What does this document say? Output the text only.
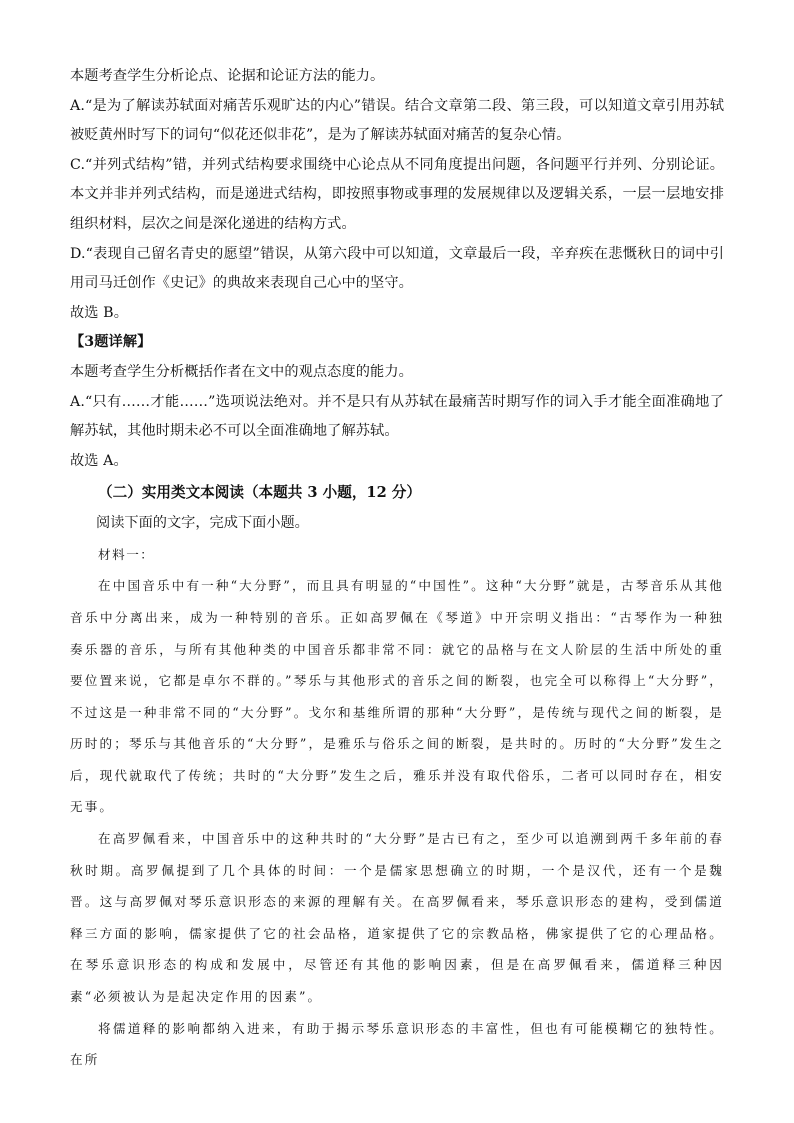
本题考查学生分析论点、论据和论证方法的能力。

A.“是为了解读苏轼面对痛苦乐观旷达的内心”错误。结合文章第二段、第三段，可以知道文章引用苏轼被贬黄州时写下的词句“似花还似非花”，是为了解读苏轼面对痛苦的复杂心情。

C.“并列式结构”错，并列式结构要求围绕中心论点从不同角度提出问题，各问题平行并列、分别论证。本文并非并列式结构，而是递进式结构，即按照事物或事理的发展规律以及逻辑关系，一层一层地安排组织材料，层次之间是深化递进的结构方式。

D.“表现自己留名青史的愿望”错误，从第六段中可以知道，文章最后一段，辛弃疾在悲慨秋日的词中引用司马迁创作《史记》的典故来表现自己心中的坚守。

故选 B。

【3题详解】

本题考查学生分析概括作者在文中的观点态度的能力。

A.“只有……才能……”选项说法绝对。并不是只有从苏轼在最痛苦时期写作的词入手才能全面准确地了解苏轼，其他时期未必不可以全面准确地了解苏轼。

故选 A。

（二）实用类文本阅读（本题共 3 小题，12 分）

阅读下面的文字，完成下面小题。

材料一：

在中国音乐中有一种“大分野”，而且具有明显的“中国性”。这种“大分野”就是，古琴音乐从其他音乐中分离出来，成为一种特别的音乐。正如高罗佩在《琴道》中开宗明义指出：“古琴作为一种独奏乐器的音乐，与所有其他种类的中国音乐都非常不同：就它的品格与在文人阶层的生活中所处的重要位置来说，它都是卓尔不群的。”琴乐与其他形式的音乐之间的断裂，也完全可以称得上“大分野”，不过这是一种非常不同的“大分野”。戈尔和基维所谓的那种“大分野”，是传统与现代之间的断裂，是历时的；琴乐与其他音乐的“大分野”，是雅乐与俗乐之间的断裂，是共时的。历时的“大分野”发生之后，现代就取代了传统；共时的“大分野”发生之后，雅乐并没有取代俗乐，二者可以同时存在，相安无事。

在高罗佩看来，中国音乐中的这种共时的“大分野”是古已有之，至少可以追溯到两千多年前的春秋时期。高罗佩提到了几个具体的时间：一个是儒家思想确立的时期，一个是汉代，还有一个是魏晋。这与高罗佩对琴乐意识形态的来源的理解有关。在高罗佩看来，琴乐意识形态的建构，受到儒道释三方面的影响，儒家提供了它的社会品格，道家提供了它的宗教品格，佛家提供了它的心理品格。在琴乐意识形态的构成和发展中，尽管还有其他的影响因素，但是在高罗佩看来，儒道释三种因素“必须被认为是起决定作用的因素”。

将儒道释的影响都纳入进来，有助于揭示琴乐意识形态的丰富性，但也有可能模糊它的独特性。在所
